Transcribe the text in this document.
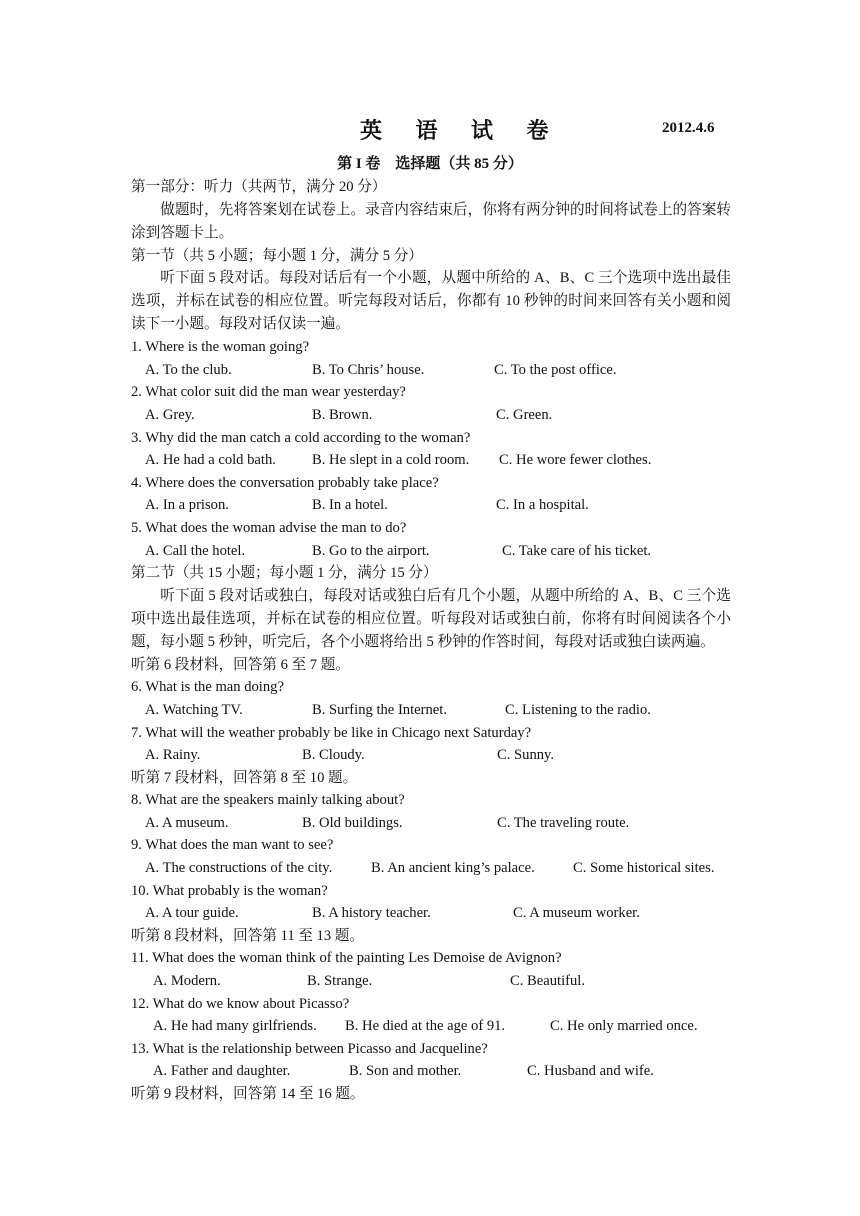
英 语 试 卷	2012.4.6
第 I 卷　选择题（共 85 分）
第一部分：听力（共两节，满分 20 分）
做题时，先将答案划在试卷上。录音内容结束后，你将有两分钟的时间将试卷上的答案转涂到答题卡上。
第一节（共 5 小题；每小题 1 分，满分 5 分）
听下面 5 段对话。每段对话后有一个小题，从题中所给的 A、B、C 三个选项中选出最佳选项，并标在试卷的相应位置。听完每段对话后，你都有 10 秒钟的时间来回答有关小题和阅读下一小题。每段对话仅读一遍。
1. Where is the woman going?
A. To the club.	B. To Chris’ house.	C. To the post office.
2. What color suit did the man wear yesterday?
A. Grey.	B. Brown.	C. Green.
3. Why did the man catch a cold according to the woman?
A. He had a cold bath. B. He slept in a cold room. C. He wore fewer clothes.
4. Where does the conversation probably take place?
A. In a prison.	B. In a hotel.	C. In a hospital.
5. What does the woman advise the man to do?
A. Call the hotel.	B. Go to the airport.	C. Take care of his ticket.
第二节（共 15 小题；每小题 1 分，满分 15 分）
听下面 5 段对话或独白，每段对话或独白后有几个小题，从题中所给的 A、B、C 三个选项中选出最佳选项，并标在试卷的相应位置。听每段对话或独白前，你将有时间阅读各个小题，每小题 5 秒钟，听完后，各个小题将给出 5 秒钟的作答时间，每段对话或独白读两遍。
听第 6 段材料，回答第 6 至 7 题。
6. What is the man doing?
A. Watching TV.	B. Surfing the Internet.	C. Listening to the radio.
7. What will the weather probably be like in Chicago next Saturday?
A. Rainy.	B. Cloudy.	C. Sunny.
听第 7 段材料，回答第 8 至 10 题。
8. What are the speakers mainly talking about?
A. A museum.	B. Old buildings.	C. The traveling route.
9. What does the man want to see?
A. The constructions of the city.	B. An ancient king’s palace.	C. Some historical sites.
10. What probably is the woman?
A. A tour guide.	B. A history teacher.	C. A museum worker.
听第 8 段材料，回答第 11 至 13 题。
11. What does the woman think of the painting Les Demoise de Avignon?
A. Modern.	B. Strange.	C. Beautiful.
12. What do we know about Picasso?
A. He had many girlfriends. B. He died at the age of 91.	C. He only married once.
13. What is the relationship between Picasso and Jacqueline?
A. Father and daughter.	B. Son and mother.	C. Husband and wife.
听第 9 段材料，回答第 14 至 16 题。
